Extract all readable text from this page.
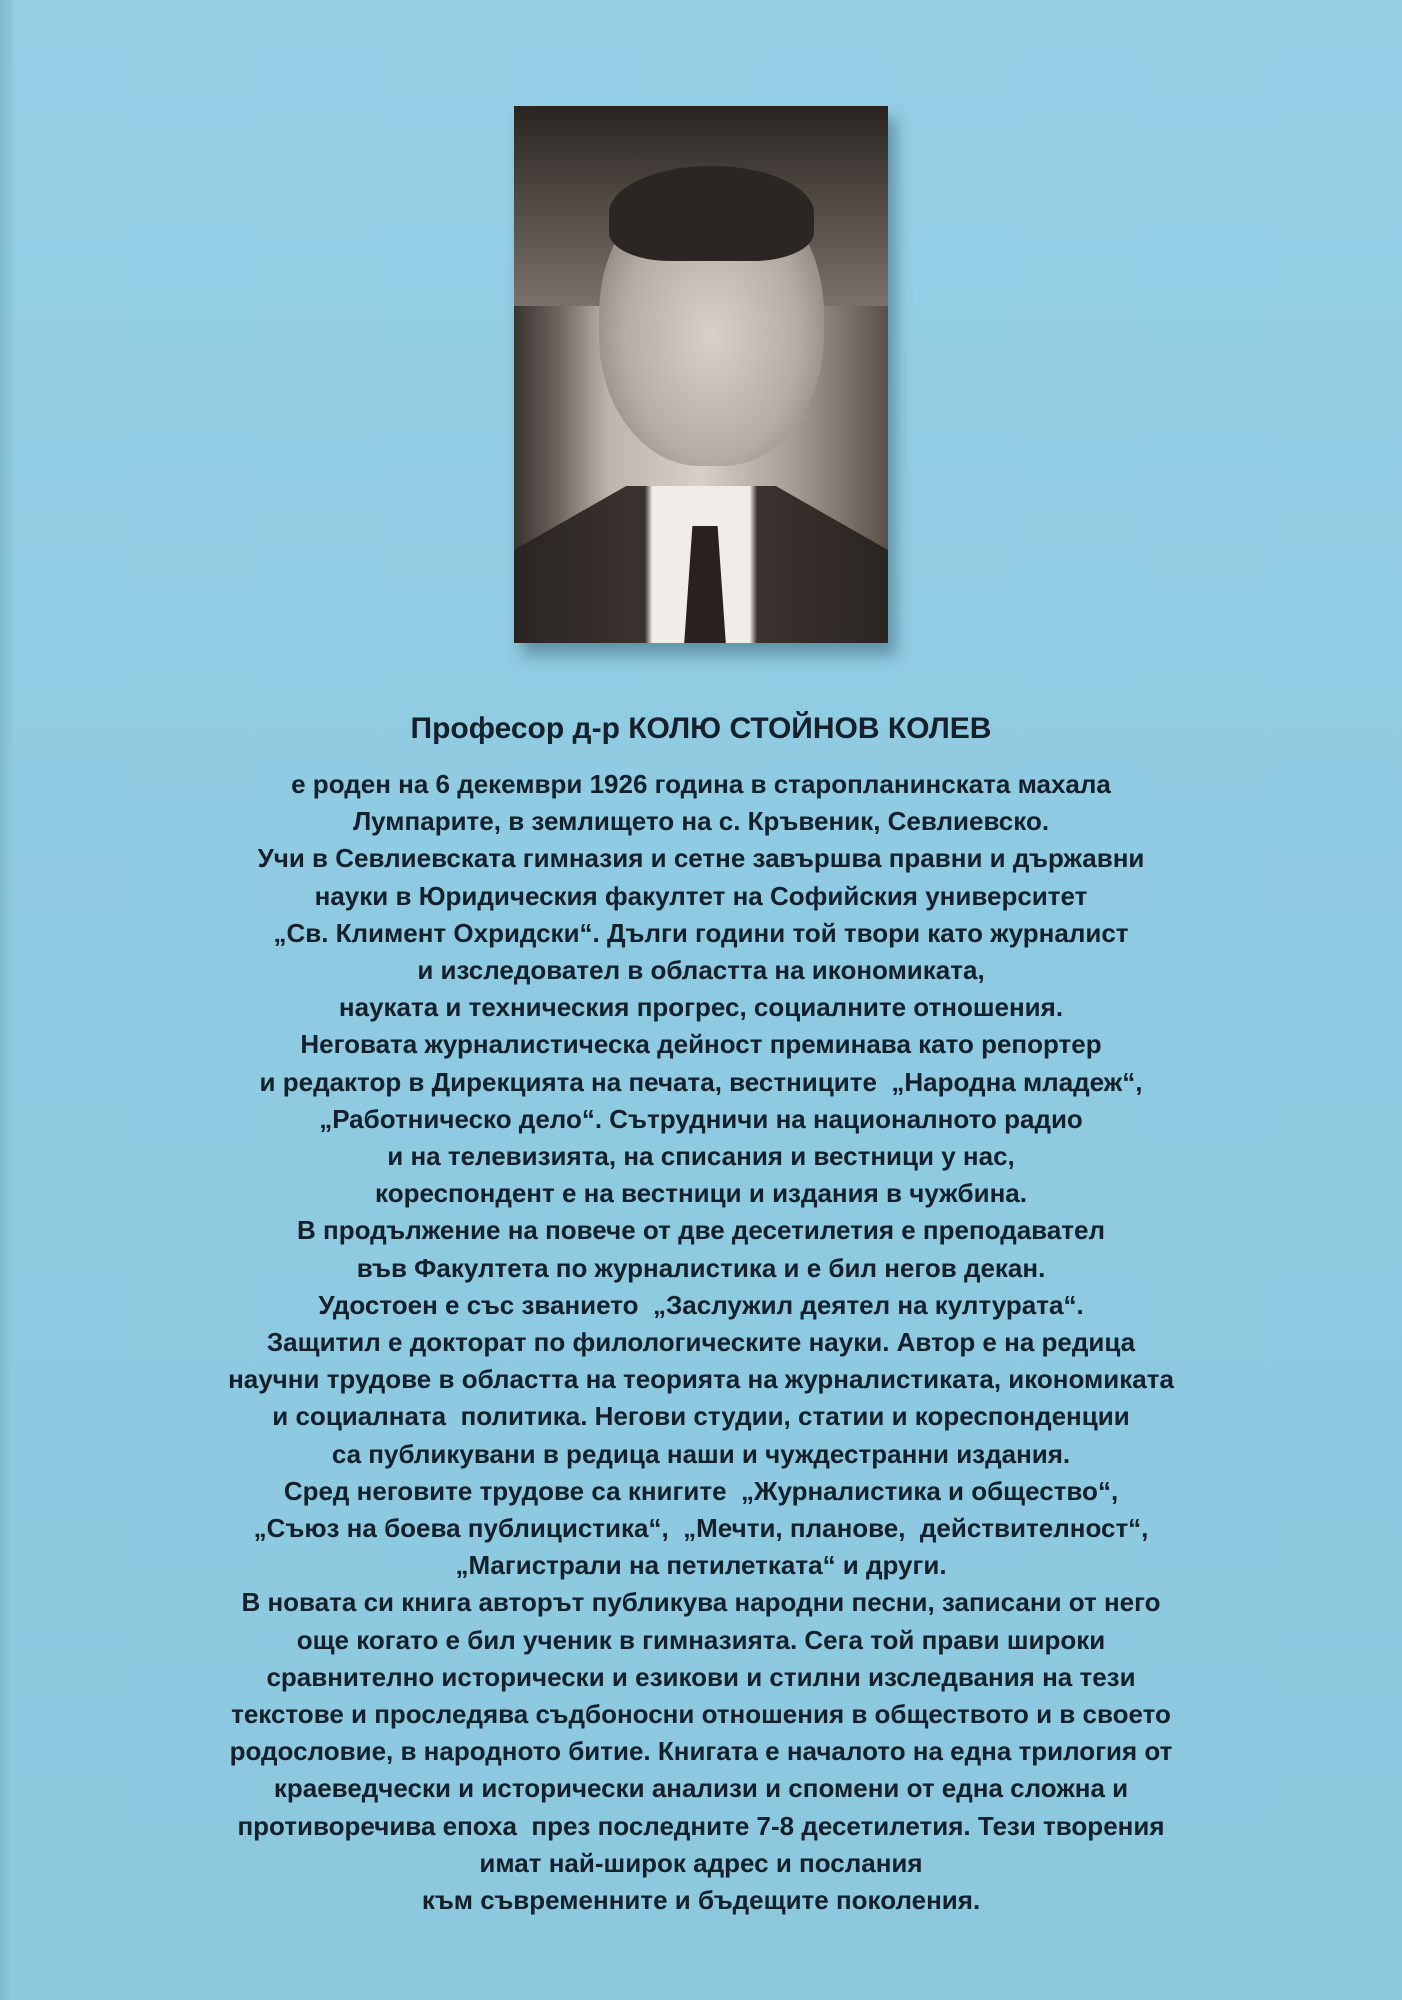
Професор д-р КОЛЮ СТОЙНОВ КОЛЕВ
е роден на 6 декември 1926 година в старопланинската махала
Лумпарите, в землището на с. Кръвеник, Севлиевско.
Учи в Севлиевската гимназия и сетне завършва правни и държавни
науки в Юридическия факултет на Софийския университет
„Св. Климент Охридски“. Дълги години той твори като журналист
и изследовател в областта на икономиката,
науката и техническия прогрес, социалните отношения.
Неговата журналистическа дейност преминава като репортер
и редактор в Дирекцията на печата, вестниците  „Народна младеж“,
„Работническо дело“. Сътрудничи на националното радио
и на телевизията, на списания и вестници у нас,
кореспондент е на вестници и издания в чужбина.
В продължение на повече от две десетилетия е преподавател
във Факултета по журналистика и е бил негов декан.
Удостоен е със званието  „Заслужил деятел на културата“.
Защитил е докторат по филологическите науки. Автор е на редица
научни трудове в областта на теорията на журналистиката, икономиката
и социалната  политика. Негови студии, статии и кореспонденции
са публикувани в редица наши и чуждестранни издания.
Сред неговите трудове са книгите  „Журналистика и общество“,
„Съюз на боева публицистика“,  „Мечти, планове,  действителност“,
„Магистрали на петилетката“ и други.
В новата си книга авторът публикува народни песни, записани от него
още когато е бил ученик в гимназията. Сега той прави широки
сравнително исторически и езикови и стилни изследвания на тези
текстове и проследява съдбоносни отношения в обществото и в своето
родословие, в народното битие. Книгата е началото на една трилогия от
краеведчески и исторически анализи и спомени от една сложна и
противоречива епоха  през последните 7-8 десетилетия. Тези творения
имат най-широк адрес и послания
към съвременните и бъдещите поколения.
